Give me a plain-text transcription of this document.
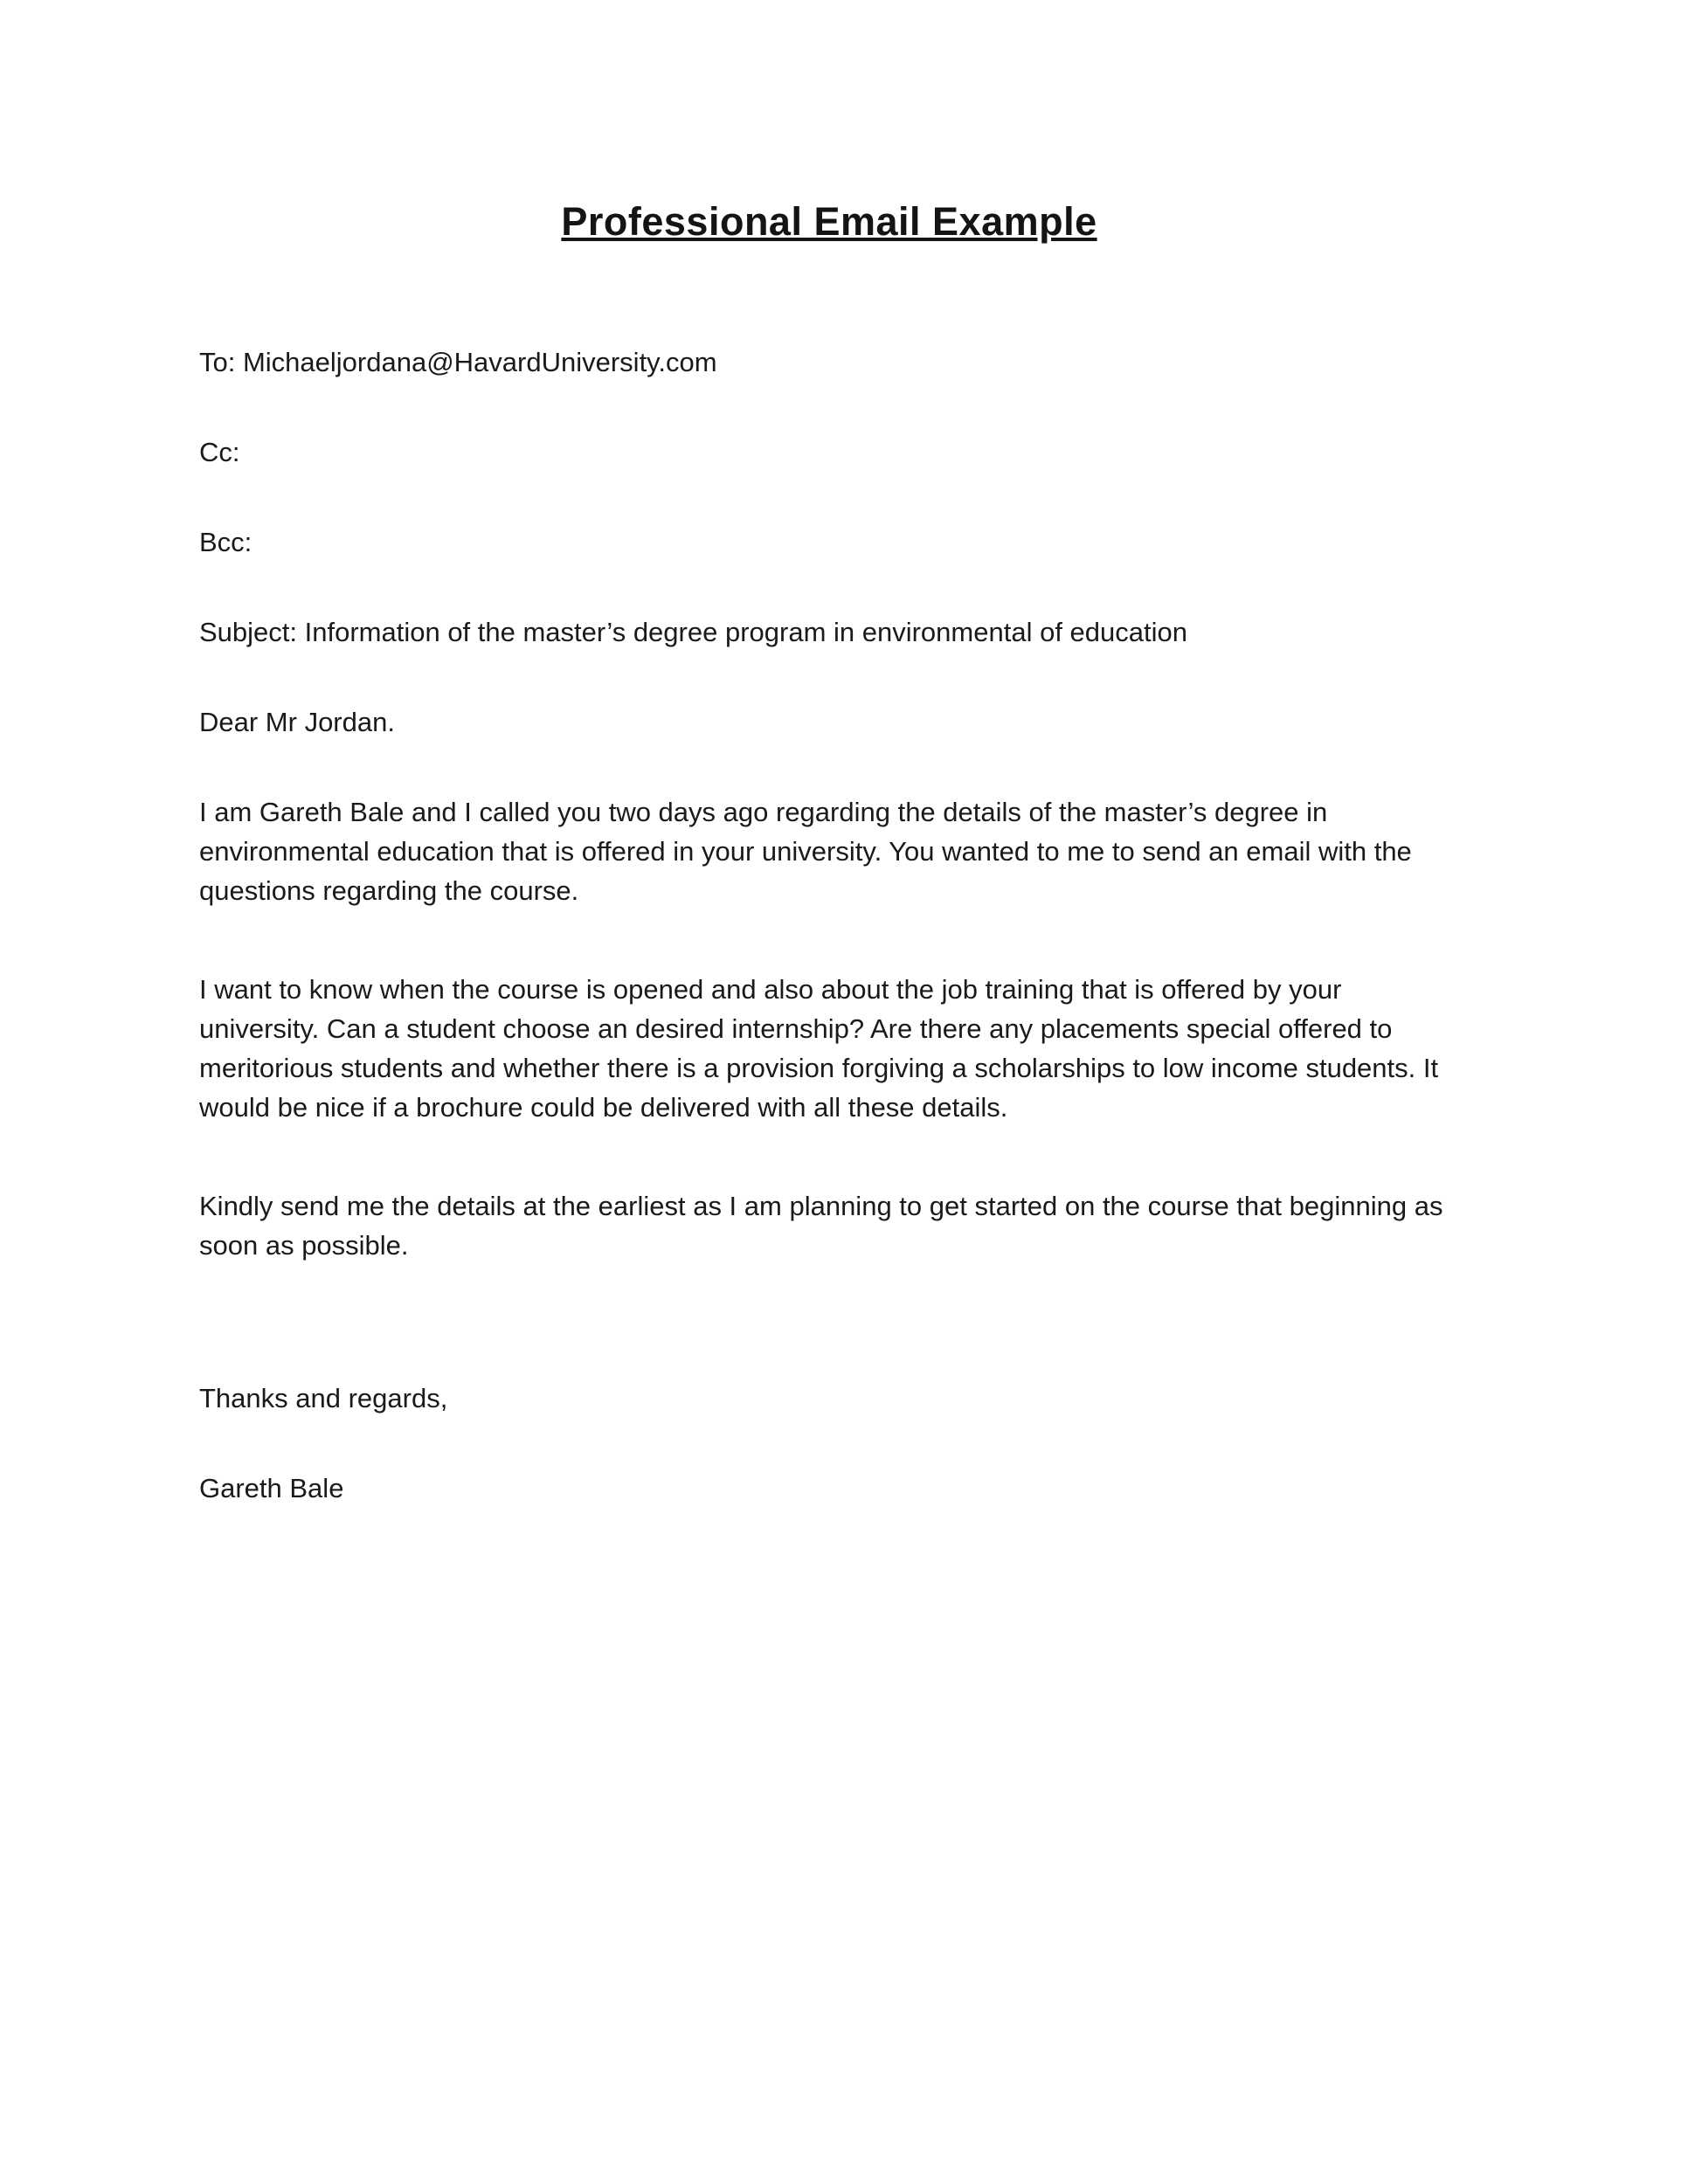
Professional Email Example

To: Michaeljordana@HavardUniversity.com

Cc:

Bcc:

Subject: Information of the master’s degree program in environmental of education

Dear Mr Jordan.

I am Gareth Bale and I called you two days ago regarding the details of the master’s degree in environmental education that is offered in your university. You wanted to me to send an email with the questions regarding the course.

I want to know when the course is opened and also about the job training that is offered by your university. Can a student choose an desired internship? Are there any placements special offered to meritorious students and whether there is a provision forgiving a scholarships to low income students. It would be nice if a brochure could be delivered with all these details.

Kindly send me the details at the earliest as I am planning to get started on the course that beginning as soon as possible.

Thanks and regards,

Gareth Bale
